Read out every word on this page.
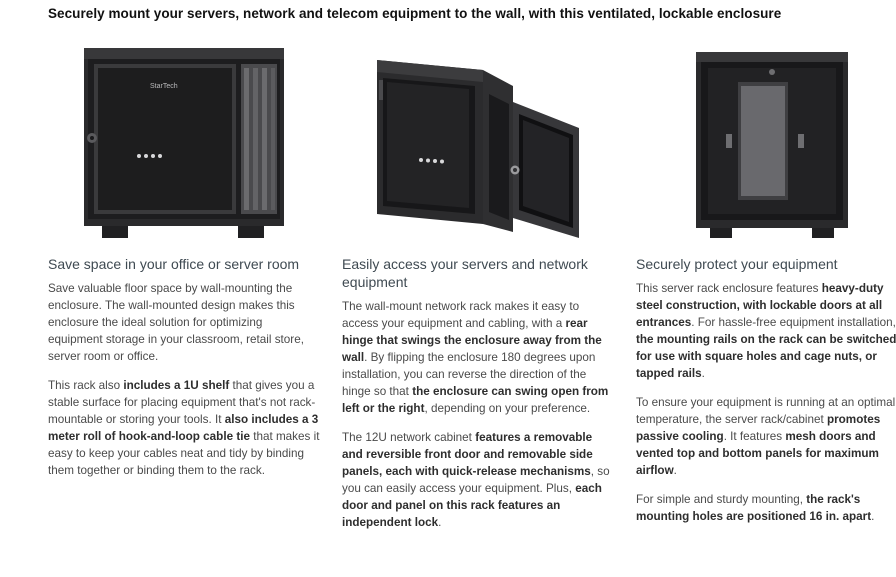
Securely mount your servers, network and telecom equipment to the wall, with this ventilated, lockable enclosure
StarTech
Save space in your office or server room

Save valuable floor space by wall-mounting the enclosure. The wall-mounted design makes this enclosure the ideal solution for optimizing equipment storage in your classroom, retail store, server room or office.

This rack also includes a 1U shelf that gives you a stable surface for placing equipment that's not rack-mountable or storing your tools. It also includes a 3 meter roll of hook-and-loop cable tie that makes it easy to keep your cables neat and tidy by binding them together or binding them to the rack.

Easily access your servers and network equipment

The wall-mount network rack makes it easy to access your equipment and cabling, with a rear hinge that swings the enclosure away from the wall. By flipping the enclosure 180 degrees upon installation, you can reverse the direction of the hinge so that the enclosure can swing open from left or the right, depending on your preference.

The 12U network cabinet features a removable and reversible front door and removable side panels, each with quick-release mechanisms, so you can easily access your equipment. Plus, each door and panel on this rack features an independent lock.

Securely protect your equipment

This server rack enclosure features heavy-duty steel construction, with lockable doors at all entrances. For hassle-free equipment installation, the mounting rails on the rack can be switched for use with square holes and cage nuts, or tapped rails.

To ensure your equipment is running at an optimal temperature, the server rack/cabinet promotes passive cooling. It features mesh doors and vented top and bottom panels for maximum airflow.

For simple and sturdy mounting, the rack's mounting holes are positioned 16 in. apart.
